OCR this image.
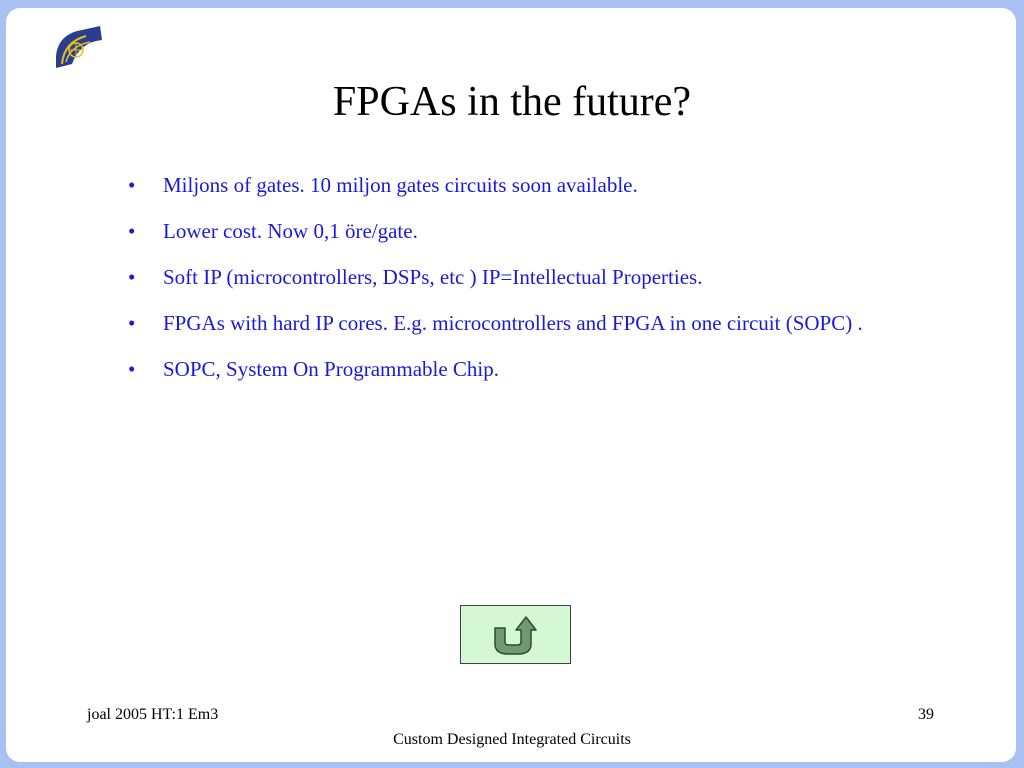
FPGAs in the future?
• Miljons of gates. 10 miljon gates circuits soon available.
• Lower cost. Now 0,1 öre/gate.
• Soft IP (microcontrollers, DSPs, etc ) IP=Intellectual Properties.
• FPGAs with hard IP cores. E.g. microcontrollers and FPGA in one circuit (SOPC) .
• SOPC, System On Programmable Chip.
joal 2005 HT:1 Em3	39
Custom Designed Integrated Circuits
